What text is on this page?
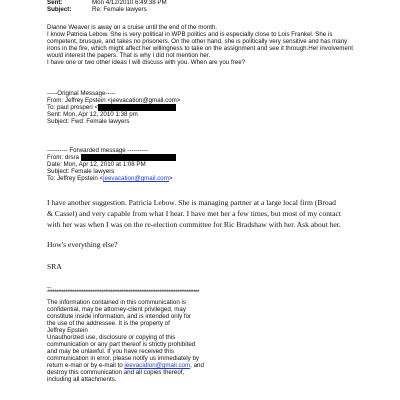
Sent:	Mon 4/12/2010 6:49:38 PM
Subject:	Re: Female lawyers
Dianne Weaver is away on a cruise until the end of the month.
I know Patricia Lebow. She is very political in WPB politics and is especially close to Lois Frankel. She is
competent, brusque, and takes no prisoners. On the other hand, she is politically very sensitive and has many
irons in the fire, which might affect her willingness to take on the assignment and see it through.Her involvement
would interest the papers. That is why I did not mention her.
I have one or two other ideas I will discuss with you. When are you free?
-----Original Message-----
From: Jeffrey Epstein <jeevacation@gmail.com>
To: paul prosperi <
Sent: Mon, Apr 12, 2010 1:38 pm
Subject: Fwd: Female lawyers
---------- Forwarded message ----------
From: drsra
Date: Mon, Apr 12, 2010 at 1:08 PM
Subject: Female lawyers
To: Jeffrey Epstein <jeevacation@gmail.com>
I have another suggestion. Patricia Lebow. She is managing partner at a large local firm (Broad
& Cassel) and very capable from what I hear. I have met her a few times, but most of my contact
with her was when I was on the re-election committee for Ric Bradshaw with her. Ask about her.
How's everything else?
SRA
--
************************************************************************************
The information contained in this communication is
confidential, may be attorney-client privileged, may
constitute inside information, and is intended only for
the use of the addressee. It is the property of
Jeffrey Epstein
Unauthorized use, disclosure or copying of this
communication or any part thereof is strictly prohibited
and may be unlawful. If you have received this
communication in error, please notify us immediately by
return e-mail or by e-mail to jeevacation@gmail.com, and
destroy this communication and all copies thereof,
including all attachments.
